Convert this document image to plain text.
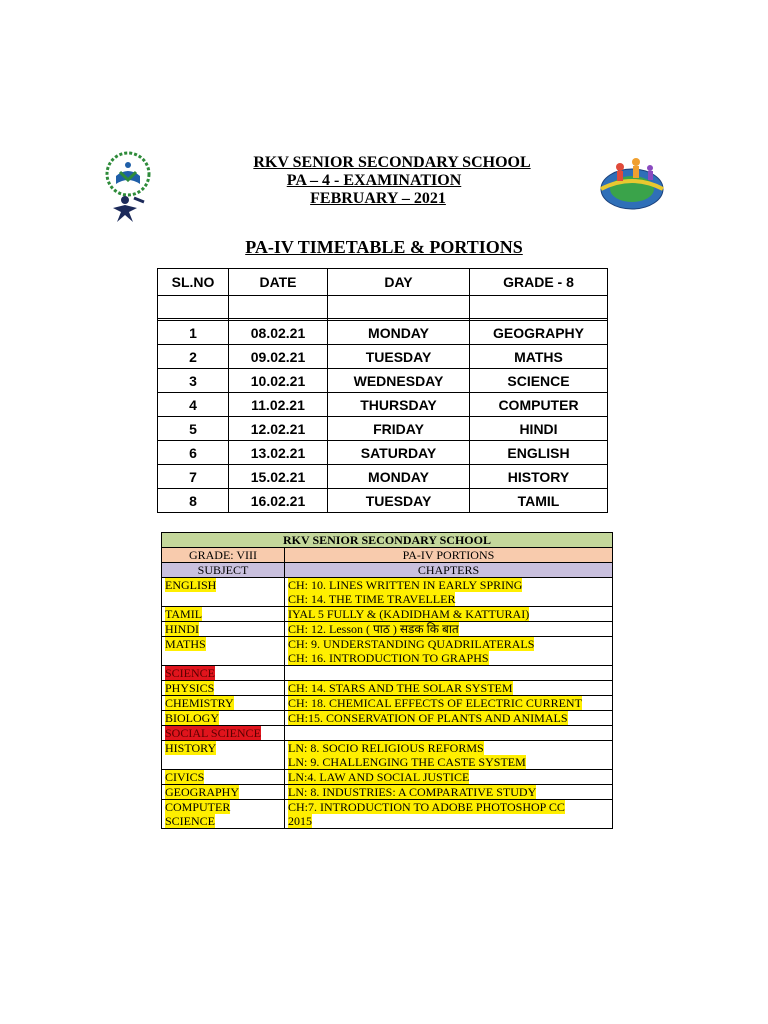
RKV SENIOR SECONDARY SCHOOL
PA – 4 - EXAMINATION
FEBRUARY – 2021
PA-IV TIMETABLE & PORTIONS
SL.NO	DATE	DAY	GRADE - 8

1	08.02.21	MONDAY	GEOGRAPHY
2	09.02.21	TUESDAY	MATHS
3	10.02.21	WEDNESDAY	SCIENCE
4	11.02.21	THURSDAY	COMPUTER
5	12.02.21	FRIDAY	HINDI
6	13.02.21	SATURDAY	ENGLISH
7	15.02.21	MONDAY	HISTORY
8	16.02.21	TUESDAY	TAMIL
RKV SENIOR SECONDARY SCHOOL	
GRADE: VIII	PA-IV PORTIONS
SUBJECT	CHAPTERS
ENGLISH	CH: 10. LINES WRITTEN IN EARLY SPRING
CH: 14. THE TIME TRAVELLER
TAMIL	IYAL 5 FULLY & (KADIDHAM & KATTURAI)
HINDI	CH: 12. Lesson ( पाठ ) सडक कि बात
MATHS	CH: 9. UNDERSTANDING QUADRILATERALS
CH: 16. INTRODUCTION TO GRAPHS
SCIENCE	
PHYSICS	CH: 14. STARS AND THE SOLAR SYSTEM
CHEMISTRY	CH: 18. CHEMICAL EFFECTS OF ELECTRIC CURRENT
BIOLOGY	CH:15. CONSERVATION OF PLANTS AND ANIMALS
SOCIAL SCIENCE	
HISTORY	LN: 8. SOCIO RELIGIOUS REFORMS
LN: 9. CHALLENGING THE CASTE SYSTEM
CIVICS	LN:4. LAW AND SOCIAL JUSTICE
GEOGRAPHY	LN: 8. INDUSTRIES: A COMPARATIVE STUDY
COMPUTER
SCIENCE	CH:7. INTRODUCTION TO ADOBE PHOTOSHOP CC
2015
